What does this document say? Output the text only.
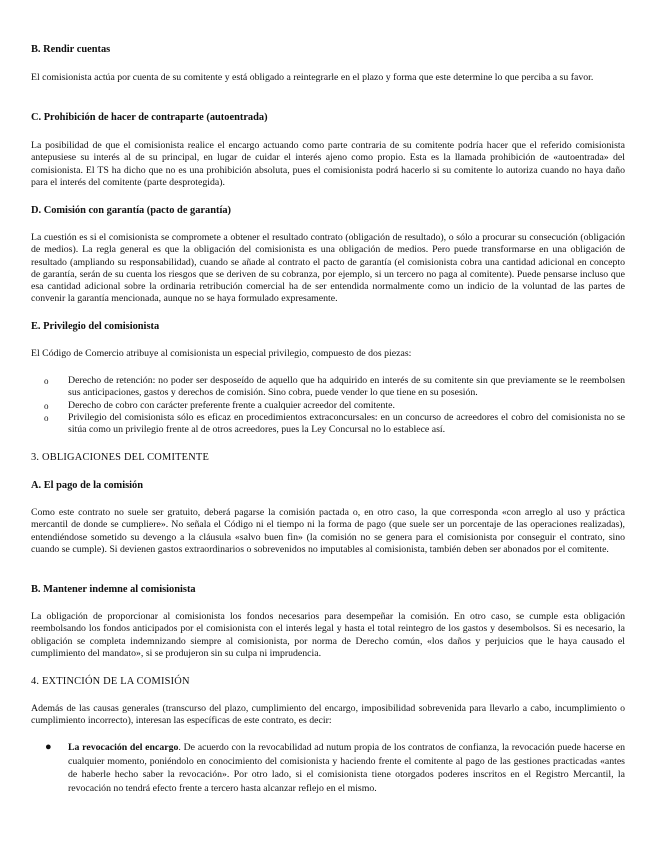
B. Rendir cuentas

El comisionista actúa por cuenta de su comitente y está obligado a reintegrarle en el plazo y forma que este determine lo que perciba a su favor.

C. Prohibición de hacer de contraparte (autoentrada)

La posibilidad de que el comisionista realice el encargo actuando como parte contraria de su comitente podría hacer que el referido comisionista antepusiese su interés al de su principal, en lugar de cuidar el interés ajeno como propio. Esta es la llamada prohibición de «autoentrada» del comisionista. El TS ha dicho que no es una prohibición absoluta, pues el comisionista podrá hacerlo si su comitente lo autoriza cuando no haya daño para el interés del comitente (parte desprotegida).

D. Comisión con garantía (pacto de garantía)

La cuestión es si el comisionista se compromete a obtener el resultado contrato (obligación de resultado), o sólo a procurar su consecución (obligación de medios). La regla general es que la obligación del comisionista es una obligación de medios. Pero puede transformarse en una obligación de resultado (ampliando su responsabilidad), cuando se añade al contrato el pacto de garantía (el comisionista cobra una cantidad adicional en concepto de garantía, serán de su cuenta los riesgos que se deriven de su cobranza, por ejemplo, si un tercero no paga al comitente). Puede pensarse incluso que esa cantidad adicional sobre la ordinaria retribución comercial ha de ser entendida normalmente como un indicio de la voluntad de las partes de convenir la garantía mencionada, aunque no se haya formulado expresamente.

E. Privilegio del comisionista

El Código de Comercio atribuye al comisionista un especial privilegio, compuesto de dos piezas:

o Derecho de retención: no poder ser desposeído de aquello que ha adquirido en interés de su comitente sin que previamente se le reembolsen sus anticipaciones, gastos y derechos de comisión. Sino cobra, puede vender lo que tiene en su posesión.
o Derecho de cobro con carácter preferente frente a cualquier acreedor del comitente.
o Privilegio del comisionista sólo es eficaz en procedimientos extraconcursales: en un concurso de acreedores el cobro del comisionista no se sitúa como un privilegio frente al de otros acreedores, pues la Ley Concursal no lo establece así.
3. OBLIGACIONES DEL COMITENTE
A. El pago de la comisión

Como este contrato no suele ser gratuito, deberá pagarse la comisión pactada o, en otro caso, la que corresponda «con arreglo al uso y práctica mercantil de donde se cumpliere». No señala el Código ni el tiempo ni la forma de pago (que suele ser un porcentaje de las operaciones realizadas), entendiéndose sometido su devengo a la cláusula «salvo buen fin» (la comisión no se genera para el comisionista por conseguir el contrato, sino cuando se cumple). Si devienen gastos extraordinarios o sobrevenidos no imputables al comisionista, también deben ser abonados por el comitente.

B. Mantener indemne al comisionista

La obligación de proporcionar al comisionista los fondos necesarios para desempeñar la comisión. En otro caso, se cumple esta obligación reembolsando los fondos anticipados por el comisionista con el interés legal y hasta el total reintegro de los gastos y desembolsos. Si es necesario, la obligación se completa indemnizando siempre al comisionista, por norma de Derecho común, «los daños y perjuicios que le haya causado el cumplimiento del mandato», si se produjeron sin su culpa ni imprudencia.

4. EXTINCIÓN DE LA COMISIÓN

Además de las causas generales (transcurso del plazo, cumplimiento del encargo, imposibilidad sobrevenida para llevarlo a cabo, incumplimiento o cumplimiento incorrecto), interesan las específicas de este contrato, es decir:

● La revocación del encargo. De acuerdo con la revocabilidad ad nutum propia de los contratos de confianza, la revocación puede hacerse en cualquier momento, poniéndolo en conocimiento del comisionista y haciendo frente el comitente al pago de las gestiones practicadas «antes de haberle hecho saber la revocación». Por otro lado, si el comisionista tiene otorgados poderes inscritos en el Registro Mercantil, la revocación no tendrá efecto frente a tercero hasta alcanzar reflejo en el mismo.
